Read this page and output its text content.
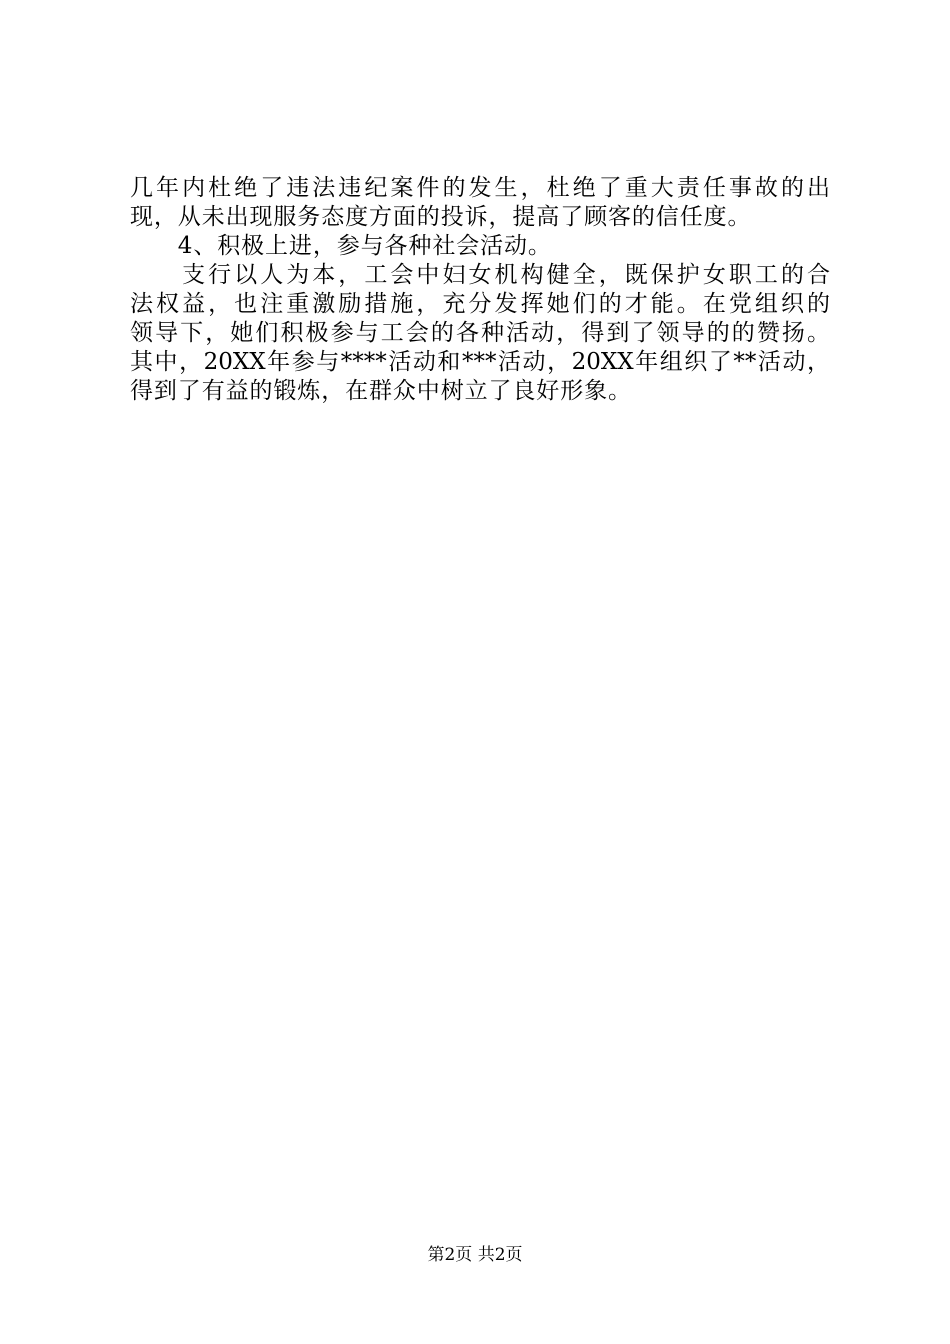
几年内杜绝了违法违纪案件的发生，杜绝了重大责任事故的出
现，从未出现服务态度方面的投诉，提高了顾客的信任度。
　　4、积极上进，参与各种社会活动。
　　支行以人为本，工会中妇女机构健全，既保护女职工的合
法权益，也注重激励措施，充分发挥她们的才能。在党组织的
领导下，她们积极参与工会的各种活动，得到了领导的的赞扬。
其中，20XX年参与****活动和***活动，20XX年组织了**活动，
得到了有益的锻炼，在群众中树立了良好形象。
第2页 共2页
